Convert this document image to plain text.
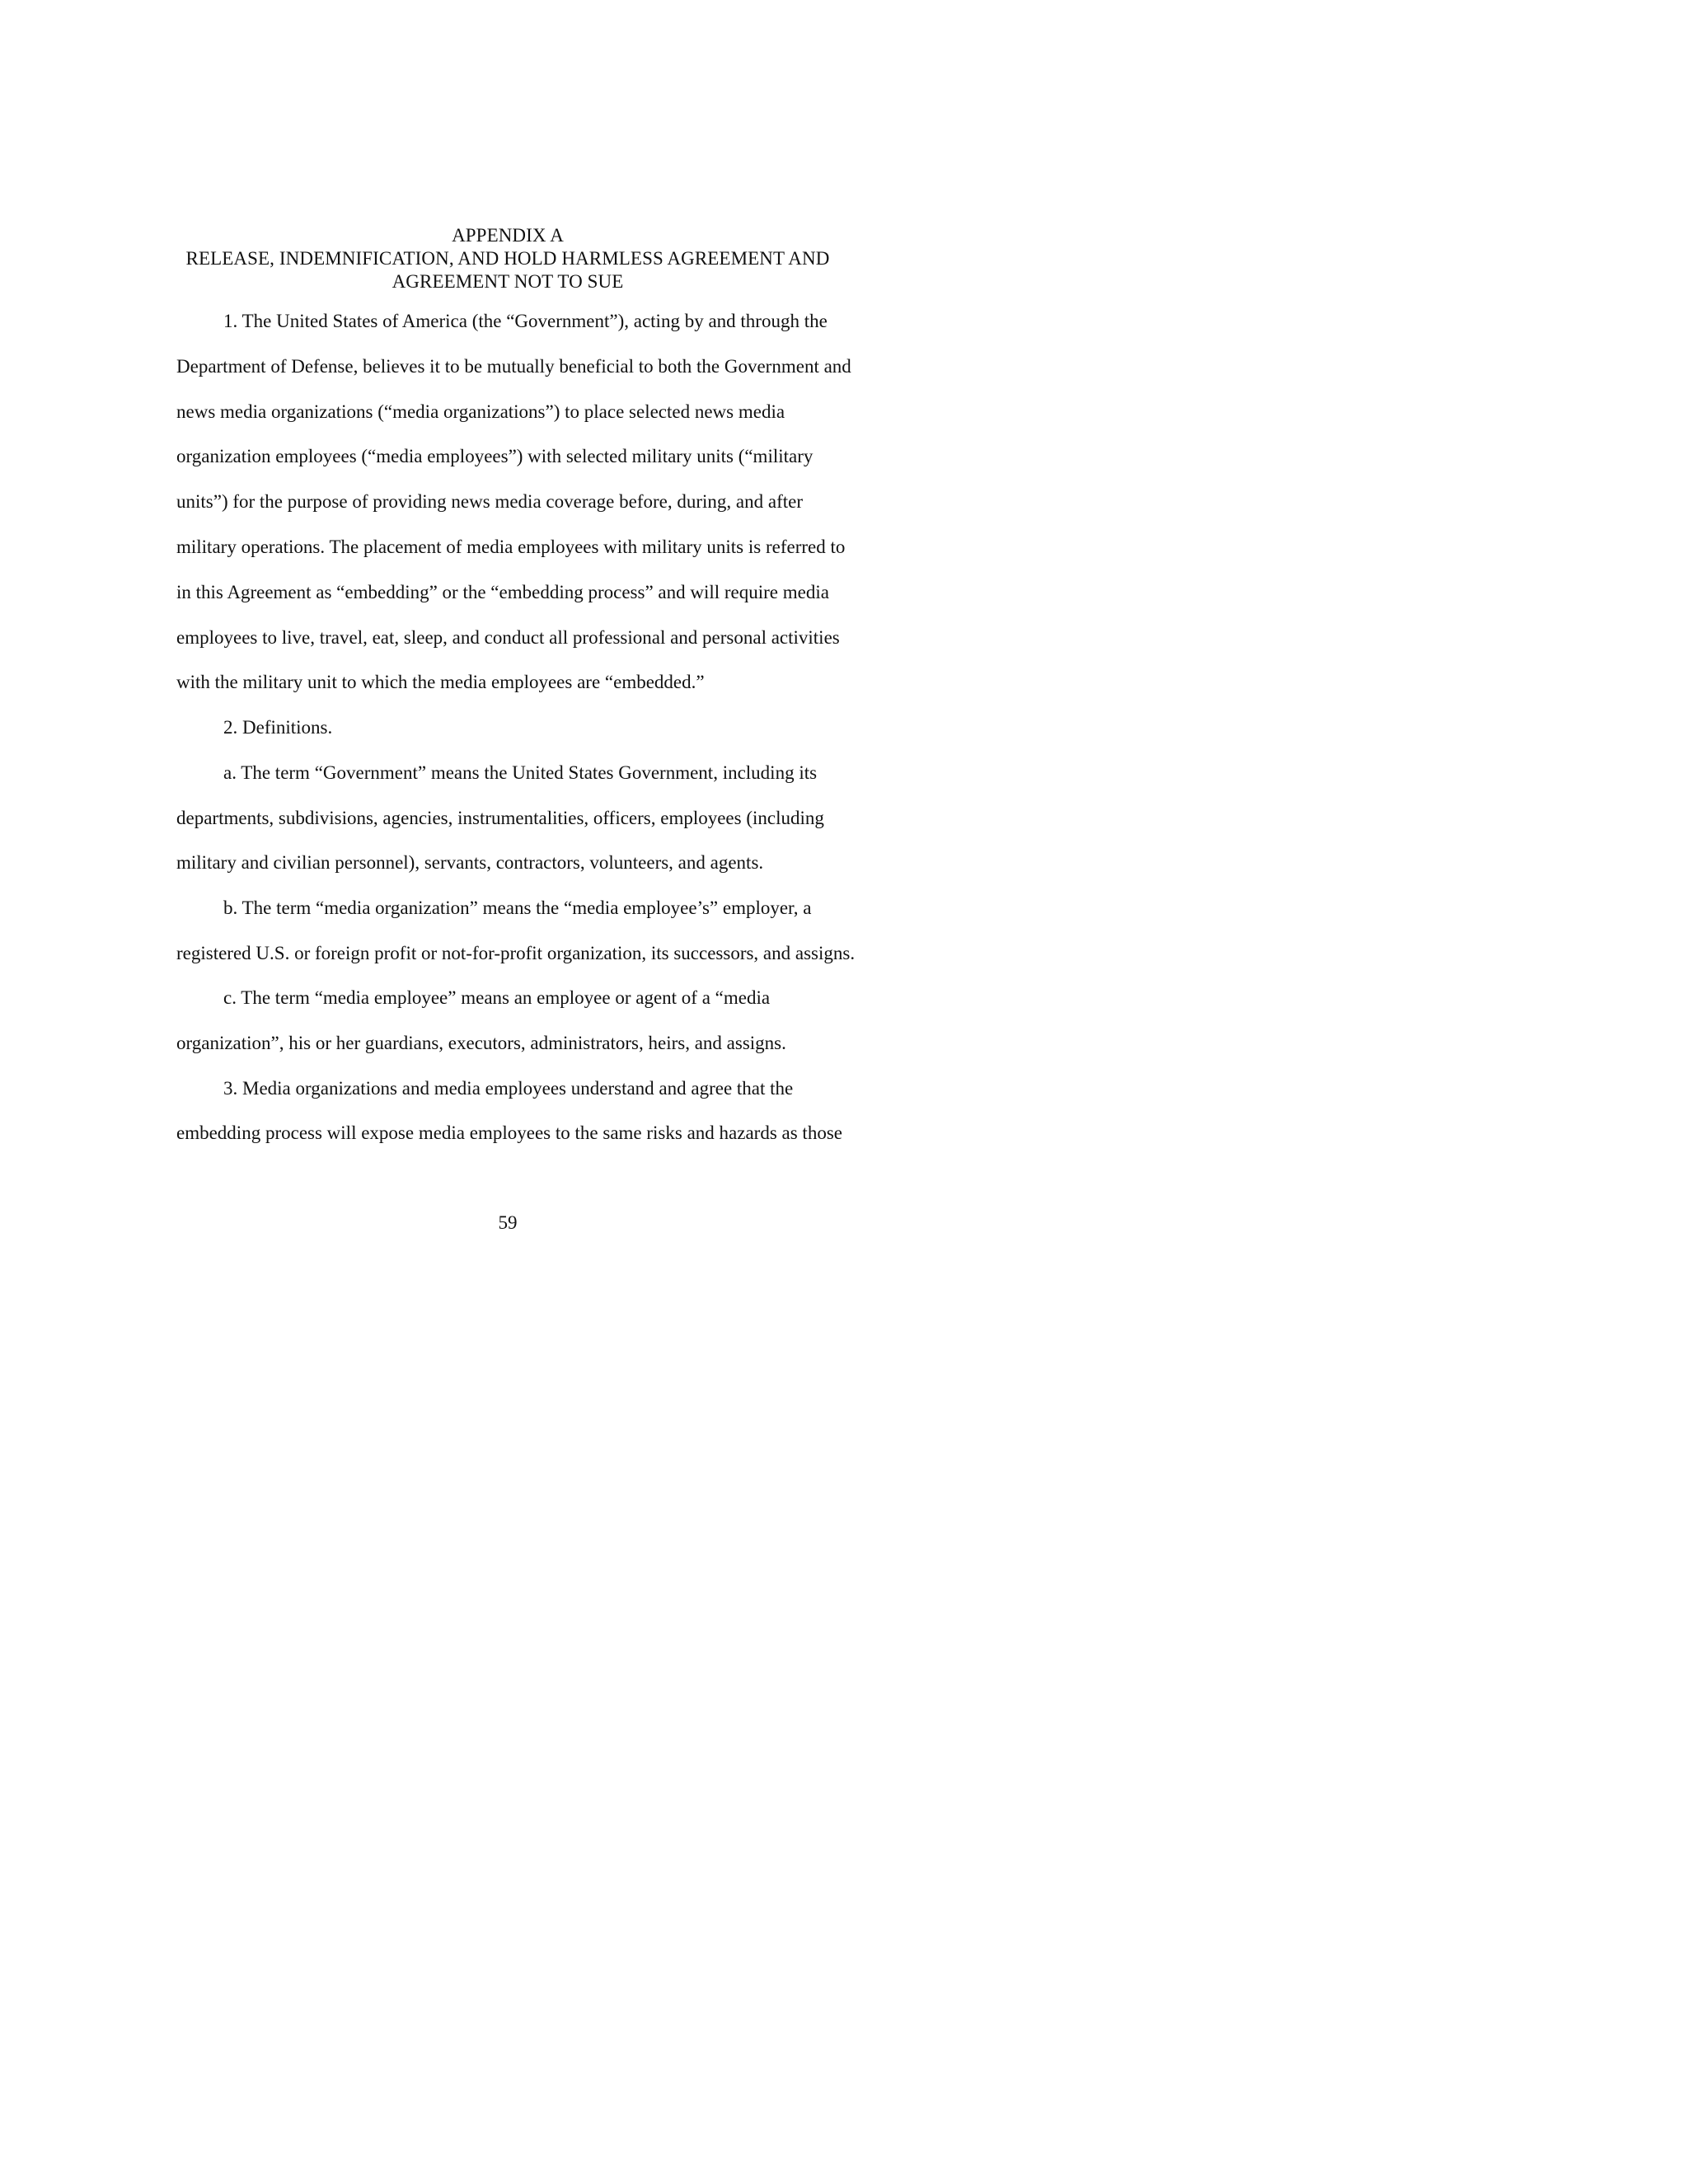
APPENDIX A
RELEASE, INDEMNIFICATION, AND HOLD HARMLESS AGREEMENT AND
AGREEMENT NOT TO SUE
1. The United States of America (the “Government”), acting by and through the
Department of Defense, believes it to be mutually beneficial to both the Government and
news media organizations (“media organizations”) to place selected news media
organization employees (“media employees”) with selected military units (“military
units”) for the purpose of providing news media coverage before, during, and after
military operations. The placement of media employees with military units is referred to
in this Agreement as “embedding” or the “embedding process” and will require media
employees to live, travel, eat, sleep, and conduct all professional and personal activities
with the military unit to which the media employees are “embedded.”
2. Definitions.
a. The term “Government” means the United States Government, including its
departments, subdivisions, agencies, instrumentalities, officers, employees (including
military and civilian personnel), servants, contractors, volunteers, and agents.
b. The term “media organization” means the “media employee’s” employer, a
registered U.S. or foreign profit or not-for-profit organization, its successors, and assigns.
c. The term “media employee” means an employee or agent of a “media
organization”, his or her guardians, executors, administrators, heirs, and assigns.
3. Media organizations and media employees understand and agree that the
embedding process will expose media employees to the same risks and hazards as those
59
